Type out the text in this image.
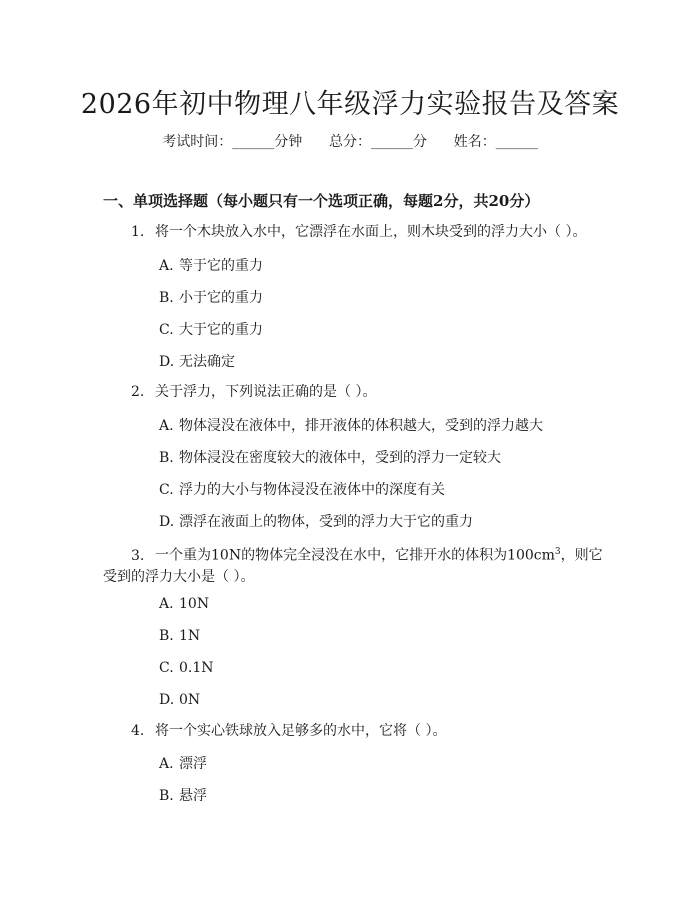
2026年初中物理八年级浮力实验报告及答案
考试时间：______分钟 总分：______分 姓名：______
一、单项选择题（每小题只有一个选项正确，每题2分，共20分）
1. 将一个木块放入水中，它漂浮在水面上，则木块受到的浮力大小（ ）。
A. 等于它的重力
B. 小于它的重力
C. 大于它的重力
D. 无法确定
2. 关于浮力，下列说法正确的是（ ）。
A. 物体浸没在液体中，排开液体的体积越大，受到的浮力越大
B. 物体浸没在密度较大的液体中，受到的浮力一定较大
C. 浮力的大小与物体浸没在液体中的深度有关
D. 漂浮在液面上的物体，受到的浮力大于它的重力
3. 一个重为10N的物体完全浸没在水中，它排开水的体积为$100cm^3$，则它
受到的浮力大小是（ ）。
A. 10N
B. 1N
C. 0.1N
D. 0N
4. 将一个实心铁球放入足够多的水中，它将（ ）。
A. 漂浮
B. 悬浮
